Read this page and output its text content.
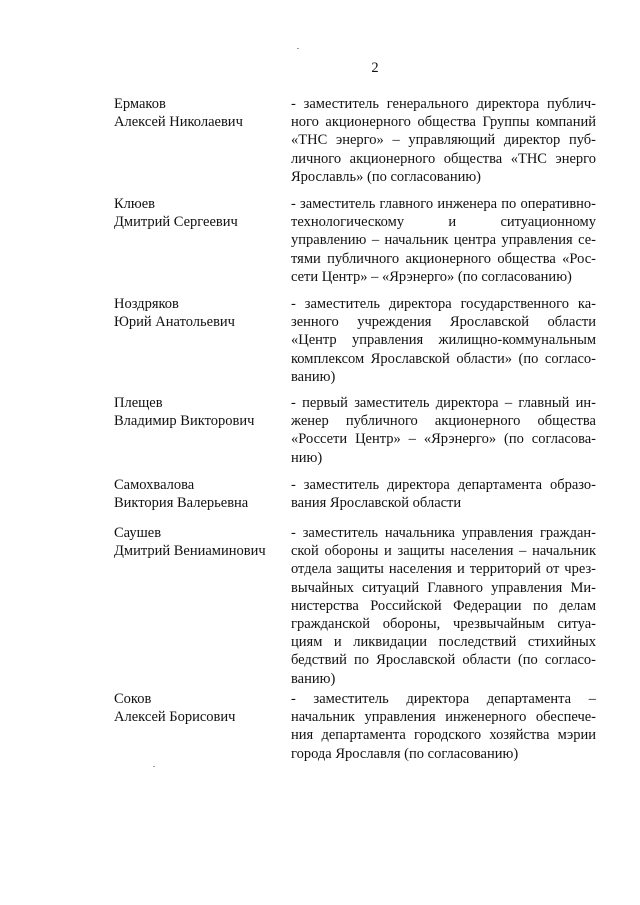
2
Ермаков
Алексей Николаевич
- заместитель генерального директора публич-
ного акционерного общества Группы компаний
«ТНС энерго» – управляющий директор пуб-
личного акционерного общества «ТНС энерго
Ярославль» (по согласованию)
Клюев
Дмитрий Сергеевич
- заместитель главного инженера по оперативно-
технологическому и ситуационному
управлению – начальник центра управления се-
тями публичного акционерного общества «Рос-
сети Центр» – «Ярэнерго» (по согласованию)
Ноздряков
Юрий Анатольевич
- заместитель директора государственного ка-
зенного учреждения Ярославской области
«Центр управления жилищно-коммунальным
комплексом Ярославской области» (по согласо-
ванию)
Плещев
Владимир Викторович
- первый заместитель директора – главный ин-
женер публичного акционерного общества
«Россети Центр» – «Ярэнерго» (по согласова-
нию)
Самохвалова
Виктория Валерьевна
- заместитель директора департамента образо-
вания Ярославской области
Саушев
Дмитрий Вениаминович
- заместитель начальника управления граждан-
ской обороны и защиты населения – начальник
отдела защиты населения и территорий от чрез-
вычайных ситуаций Главного управления Ми-
нистерства Российской Федерации по делам
гражданской обороны, чрезвычайным ситуа-
циям и ликвидации последствий стихийных
бедствий по Ярославской области (по согласо-
ванию)
Соков
Алексей Борисович
- заместитель директора департамента –
начальник управления инженерного обеспече-
ния департамента городского хозяйства мэрии
города Ярославля (по согласованию)
